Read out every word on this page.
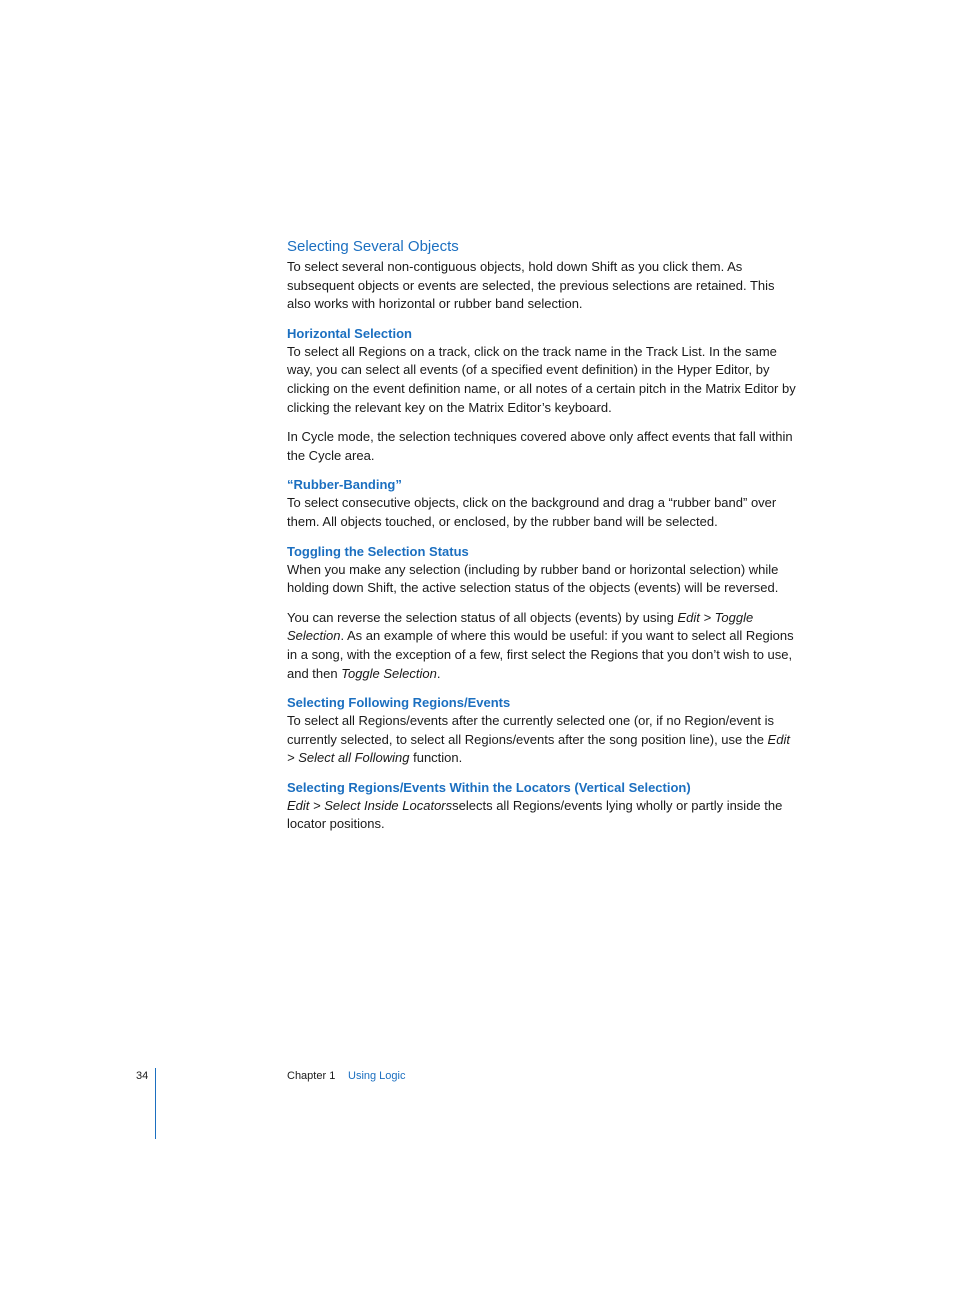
Selecting Several Objects

To select several non-contiguous objects, hold down Shift as you click them. As subsequent objects or events are selected, the previous selections are retained. This also works with horizontal or rubber band selection.

Horizontal Selection

To select all Regions on a track, click on the track name in the Track List. In the same way, you can select all events (of a specified event definition) in the Hyper Editor, by clicking on the event definition name, or all notes of a certain pitch in the Matrix Editor by clicking the relevant key on the Matrix Editor’s keyboard.

In Cycle mode, the selection techniques covered above only affect events that fall within the Cycle area.

“Rubber-Banding”

To select consecutive objects, click on the background and drag a “rubber band” over them. All objects touched, or enclosed, by the rubber band will be selected.

Toggling the Selection Status

When you make any selection (including by rubber band or horizontal selection) while holding down Shift, the active selection status of the objects (events) will be reversed.

You can reverse the selection status of all objects (events) by using Edit > Toggle Selection. As an example of where this would be useful: if you want to select all Regions in a song, with the exception of a few, first select the Regions that you don’t wish to use, and then Toggle Selection.

Selecting Following Regions/Events

To select all Regions/events after the currently selected one (or, if no Region/event is currently selected, to select all Regions/events after the song position line), use the Edit > Select all Following function.

Selecting Regions/Events Within the Locators (Vertical Selection)

Edit > Select Inside Locatorsselects all Regions/events lying wholly or partly inside the locator positions.

34	Chapter 1 Using Logic
